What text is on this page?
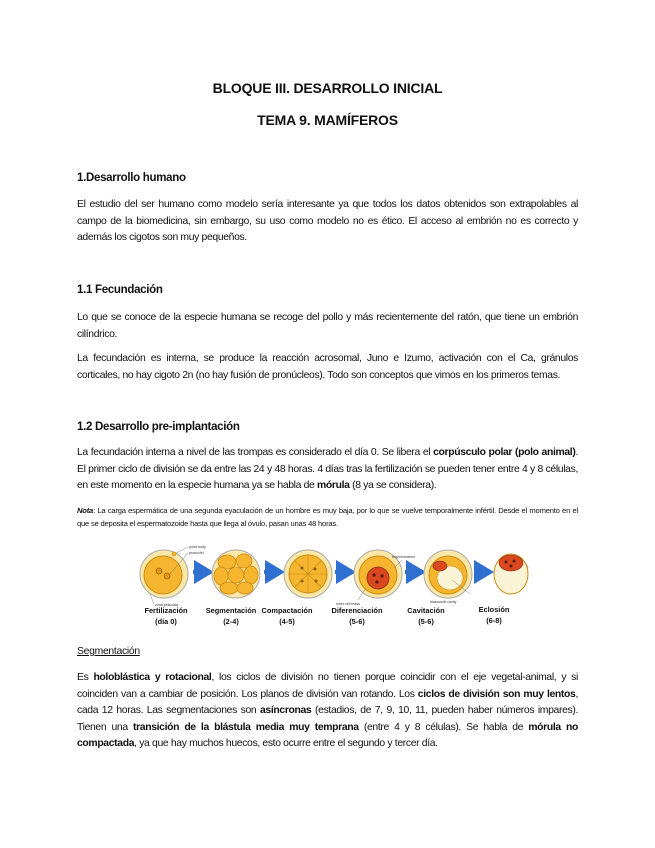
BLOQUE III. DESARROLLO INICIAL
TEMA 9. MAMÍFEROS
1.Desarrollo humano
El estudio del ser humano como modelo sería interesante ya que todos los datos obtenidos son extrapolables al campo de la biomedicina, sin embargo, su uso como modelo no es ético. El acceso al embrión no es correcto y además los cigotos son muy pequeños.
1.1 Fecundación
Lo que se conoce de la especie humana se recoge del pollo y más recientemente del ratón, que tiene un embrión cilíndrico.
La fecundación es interna, se produce la reacción acrosomal, Juno e Izumo, activación con el Ca, gránulos corticales, no hay cigoto 2n (no hay fusión de pronúcleos). Todo son conceptos que vimos en los primeros temas.
1.2 Desarrollo pre-implantación
La fecundación interna a nivel de las trompas es considerado el día 0. Se libera el corpúsculo polar (polo animal). El primer ciclo de división se da entre las 24 y 48 horas. 4 días tras la fertilización se pueden tener entre 4 y 8 células, en este momento en la especie humana ya se habla de mórula (8 ya se considera).
Nota: La carga espermática de una segunda eyaculación de un hombre es muy baja, por lo que se vuelve temporalmente infértil. Desde el momento en el que se deposita el espermatozoide hasta que llega al óvulo, pasan unas 48 horas.
polar body
pronuclei
zona pellucida	inner cell mass
trophectoderm
blastocoel cavity
Fertilización
(día 0)
Segmentación
(2-4)
Compactación
(4-5)
Diferenciación
(5-6)
Cavitación
(5-6)
Eclosión
(6-8)
Segmentación
Es holoblástica y rotacional, los ciclos de división no tienen porque coincidir con el eje vegetal-animal, y si coinciden van a cambiar de posición. Los planos de división van rotando. Los ciclos de división son muy lentos, cada 12 horas. Las segmentaciones son asíncronas (estadios, de 7, 9, 10, 11, pueden haber números impares). Tienen una transición de la blástula media muy temprana (entre 4 y 8 células). Se habla de mórula no compactada, ya que hay muchos huecos, esto ocurre entre el segundo y tercer día.
